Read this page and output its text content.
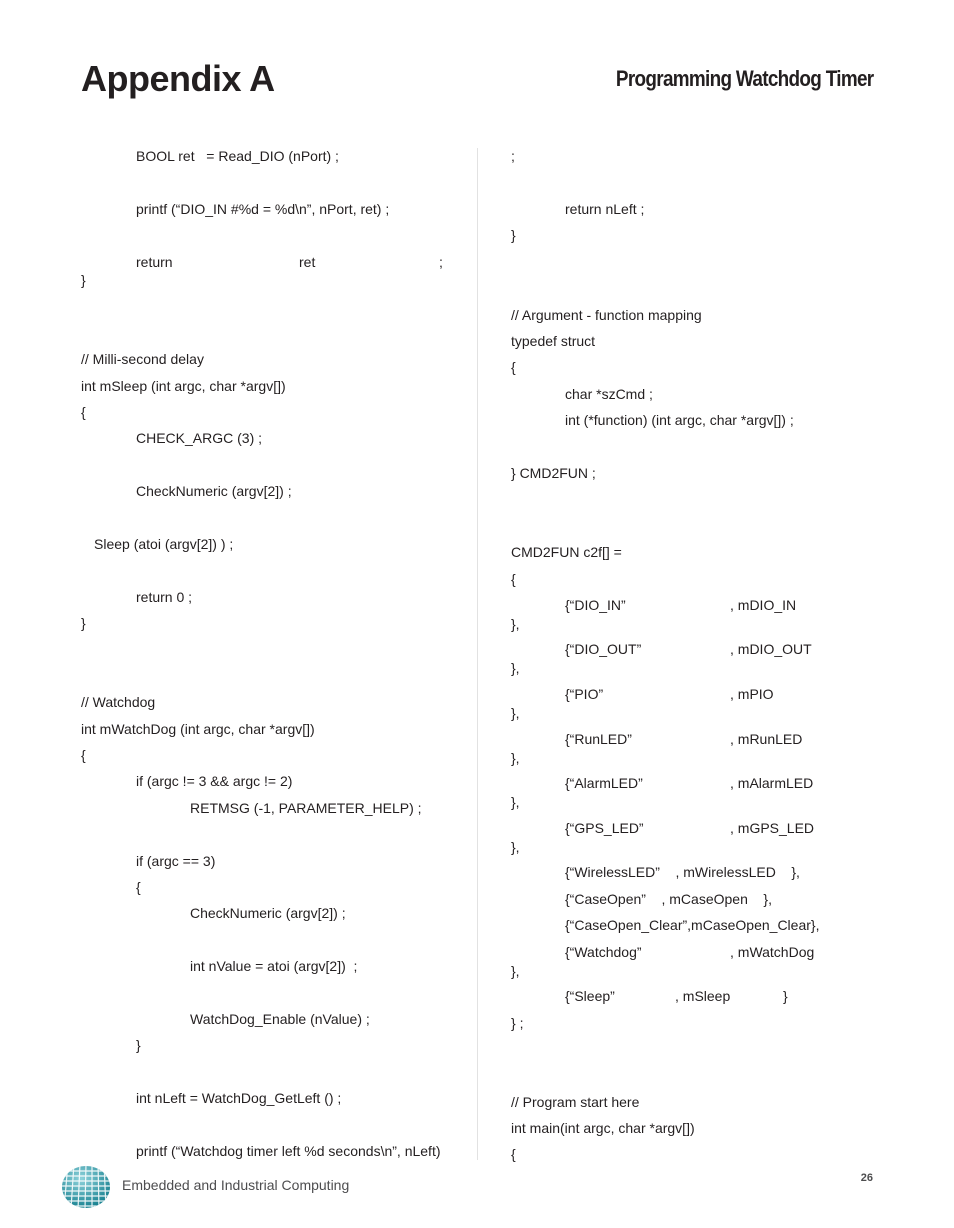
Appendix A	Programming Watchdog Timer
BOOL ret   = Read_DIO (nPort) ;
printf (“DIO_IN #%d = %d\n”, nPort, ret) ;
return	ret	;
}
// Milli-second delay
int mSleep (int argc, char *argv[])
{
CHECK_ARGC (3) ;
CheckNumeric (argv[2]) ;
Sleep (atoi (argv[2]) ) ;
return 0 ;
}
// Watchdog
int mWatchDog (int argc, char *argv[])
{
if (argc != 3 && argc != 2)
RETMSG (-1, PARAMETER_HELP) ;
if (argc == 3)
{
CheckNumeric (argv[2]) ;
int nValue = atoi (argv[2])  ;
WatchDog_Enable (nValue) ;
}
int nLeft = WatchDog_GetLeft () ;
printf (“Watchdog timer left %d seconds\n”, nLeft)
;
return nLeft ;
}
// Argument - function mapping
typedef struct
{
char *szCmd ;
int (*function) (int argc, char *argv[]) ;
} CMD2FUN ;
CMD2FUN c2f[] =
{
{“DIO_IN”	, mDIO_IN
},
{“DIO_OUT”	, mDIO_OUT
},
{“PIO”	, mPIO
},
{“RunLED”	, mRunLED
},
{“AlarmLED”	, mAlarmLED
},
{“GPS_LED”	, mGPS_LED
},
{“WirelessLED”    , mWirelessLED    },
{“CaseOpen”    , mCaseOpen    },
{“CaseOpen_Clear”,mCaseOpen_Clear},
{“Watchdog”	, mWatchDog
},
{“Sleep”	, mSleep	}
} ;
// Program start here
int main(int argc, char *argv[])
{
Embedded and Industrial Computing	26
